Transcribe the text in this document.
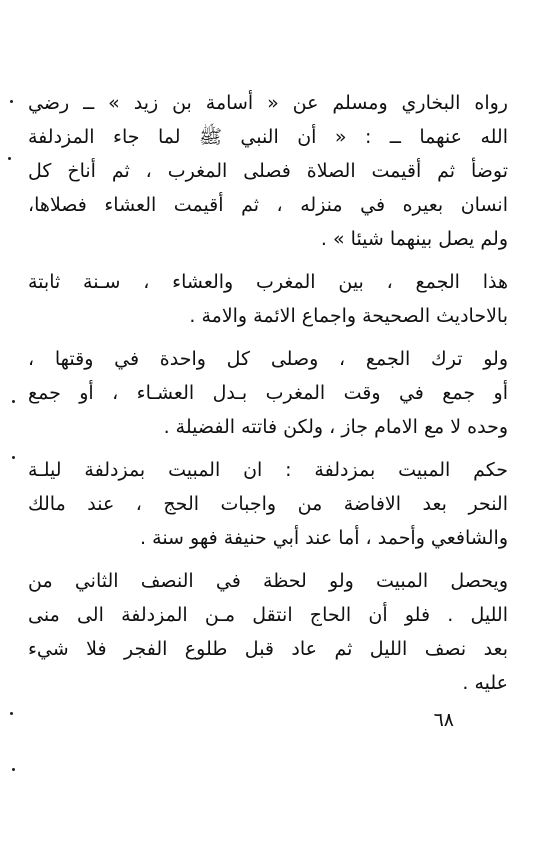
رواه البخاري ومسلم عن « أسامة بن زيد » ــ رضي
الله عنهما ــ : « أن النبي ﷺ لما جاء المزدلفة
توضأ ثم أقيمت الصلاة فصلى المغرب ، ثم أناخ كل
انسان بعيره في منزله ، ثم أقيمت العشاء فصلاها،
ولم يصل بينهما شيئا » .
هذا الجمع ، بين المغرب والعشاء ، سـنة ثابتة
بالاحاديث الصحيحة واجماع الائمة والامة .
ولو ترك الجمع ، وصلى كل واحدة في وقتها ،
أو جمع في وقت المغرب بـدل العشـاء ، أو جمع
وحده لا مع الامام جاز ، ولكن فاتته الفضيلة .
حكم المبيت بمزدلفة : ان المبيت بمزدلفة ليلـة
النحر بعد الافاضة من واجبات الحج ، عند مالك
والشافعي وأحمد ، أما عند أبي حنيفة فهو سنة .
ويحصل المبيت ولو لحظة في النصف الثاني من
الليل . فلو أن الحاج انتقل مـن المزدلفة الى منى
بعد نصف الليل ثم عاد قبل طلوع الفجر فلا شيء
عليه .
٦٨
